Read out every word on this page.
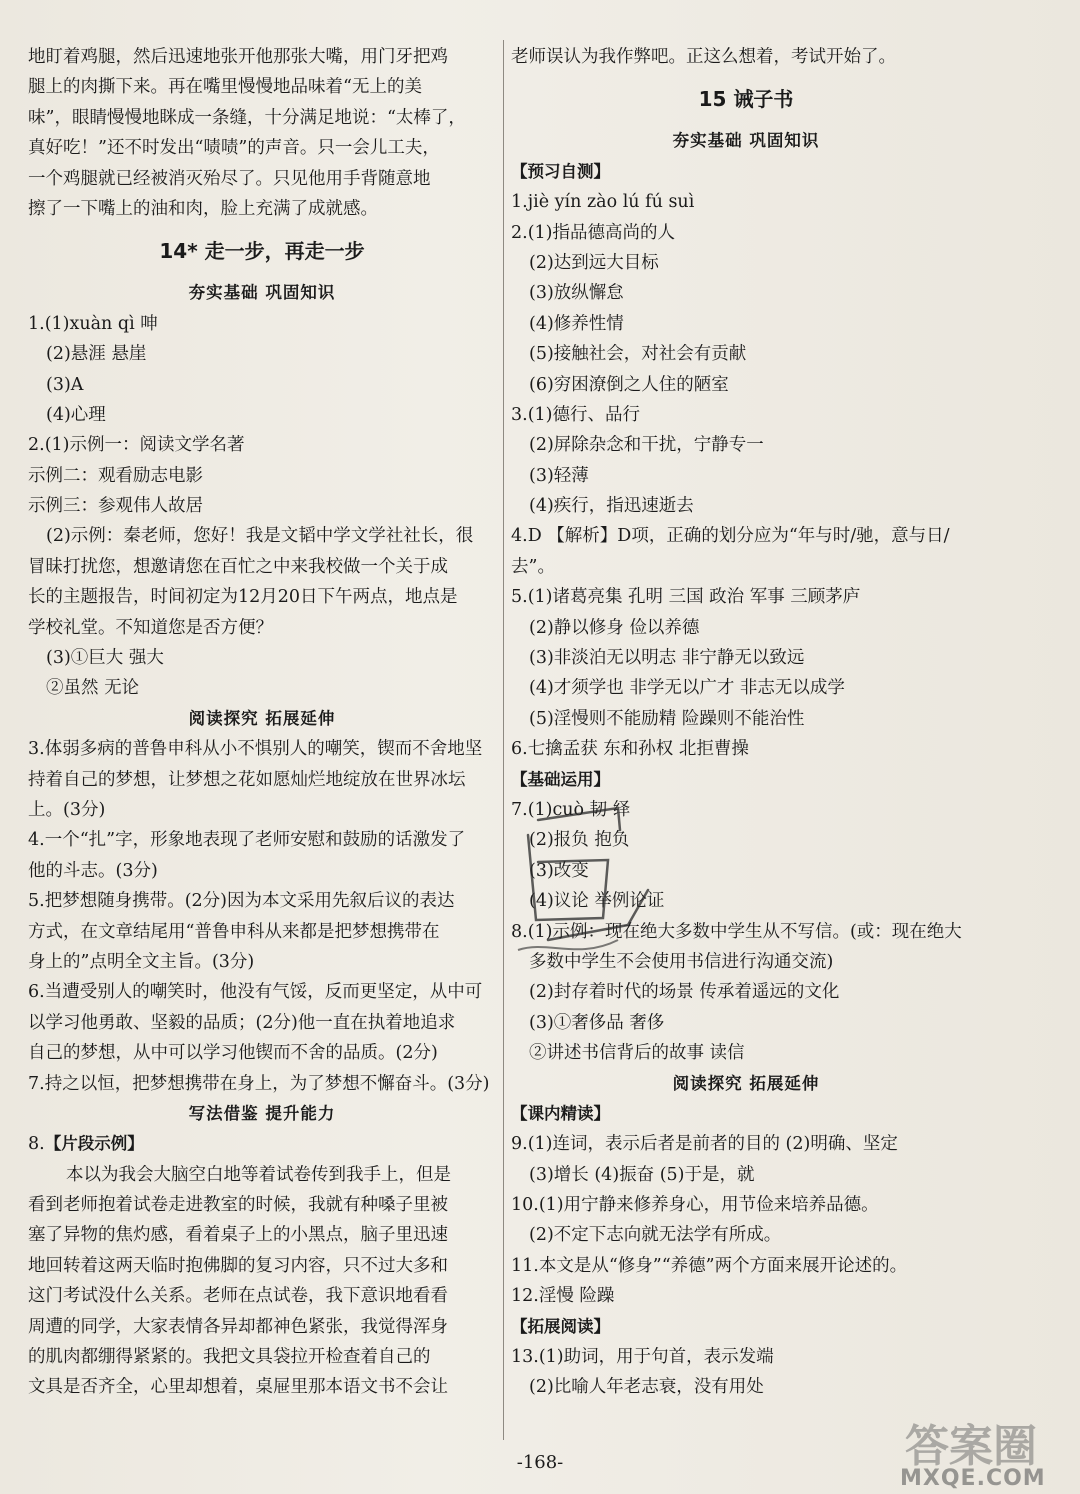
地盯着鸡腿，然后迅速地张开他那张大嘴，用门牙把鸡
腿上的肉撕下来。再在嘴里慢慢地品味着“无上的美
味”，眼睛慢慢地眯成一条缝，十分满足地说：“太棒了，
真好吃！”还不时发出“啧啧”的声音。只一会儿工夫，
一个鸡腿就已经被消灭殆尽了。只见他用手背随意地
擦了一下嘴上的油和肉，脸上充满了成就感。
14* 走一步，再走一步
夯实基础 巩固知识
1.(1)xuàn qì 呻
(2)悬涯 悬崖
(3)A
(4)心理
2.(1)示例一：阅读文学名著
示例二：观看励志电影
示例三：参观伟人故居
(2)示例：秦老师，您好！我是文韬中学文学社社长，很
冒昧打扰您，想邀请您在百忙之中来我校做一个关于成
长的主题报告，时间初定为12月20日下午两点，地点是
学校礼堂。不知道您是否方便？
(3)①巨大 强大
②虽然 无论
阅读探究 拓展延伸
3.体弱多病的普鲁申科从小不惧别人的嘲笑，锲而不舍地坚
持着自己的梦想，让梦想之花如愿灿烂地绽放在世界冰坛
上。(3分)
4.一个“扎”字，形象地表现了老师安慰和鼓励的话激发了
他的斗志。(3分)
5.把梦想随身携带。(2分)因为本文采用先叙后议的表达
方式，在文章结尾用“普鲁申科从来都是把梦想携带在
身上的”点明全文主旨。(3分)
6.当遭受别人的嘲笑时，他没有气馁，反而更坚定，从中可
以学习他勇敢、坚毅的品质；(2分)他一直在执着地追求
自己的梦想，从中可以学习他锲而不舍的品质。(2分)
7.持之以恒，把梦想携带在身上，为了梦想不懈奋斗。(3分)
写法借鉴 提升能力
8.【片段示例】
本以为我会大脑空白地等着试卷传到我手上，但是
看到老师抱着试卷走进教室的时候，我就有种嗓子里被
塞了异物的焦灼感，看着桌子上的小黑点，脑子里迅速
地回转着这两天临时抱佛脚的复习内容，只不过大多和
这门考试没什么关系。老师在点试卷，我下意识地看看
周遭的同学，大家表情各异却都神色紧张，我觉得浑身
的肌肉都绷得紧紧的。我把文具袋拉开检查着自己的
文具是否齐全，心里却想着，桌屉里那本语文书不会让
老师误认为我作弊吧。正这么想着，考试开始了。
15 诫子书
夯实基础 巩固知识
【预习自测】
1.jiè yín zào lú fú suì
2.(1)指品德高尚的人
(2)达到远大目标
(3)放纵懈怠
(4)修养性情
(5)接触社会，对社会有贡献
(6)穷困潦倒之人住的陋室
3.(1)德行、品行
(2)屏除杂念和干扰，宁静专一
(3)轻薄
(4)疾行，指迅速逝去
4.D 【解析】D项，正确的划分应为“年与时/驰，意与日/
去”。
5.(1)诸葛亮集 孔明 三国 政治 军事 三顾茅庐
(2)静以修身 俭以养德
(3)非淡泊无以明志 非宁静无以致远
(4)才须学也 非学无以广才 非志无以成学
(5)淫慢则不能励精 险躁则不能治性
6.七擒孟获 东和孙权 北拒曹操
【基础运用】
7.(1)cuò 韧 绎
(2)报负 抱负
(3)改变
(4)议论 举例论证
8.(1)示例：现在绝大多数中学生从不写信。(或：现在绝大
多数中学生不会使用书信进行沟通交流)
(2)封存着时代的场景 传承着遥远的文化
(3)①奢侈品 奢侈
②讲述书信背后的故事 读信
阅读探究 拓展延伸
【课内精读】
9.(1)连词，表示后者是前者的目的 (2)明确、坚定
(3)增长 (4)振奋 (5)于是，就
10.(1)用宁静来修养身心，用节俭来培养品德。
(2)不定下志向就无法学有所成。
11.本文是从“修身”“养德”两个方面来展开论述的。
12.淫慢 险躁
【拓展阅读】
13.(1)助词，用于句首，表示发端
(2)比喻人年老志衰，没有用处
-168-	答案圈
MXQE.COM
